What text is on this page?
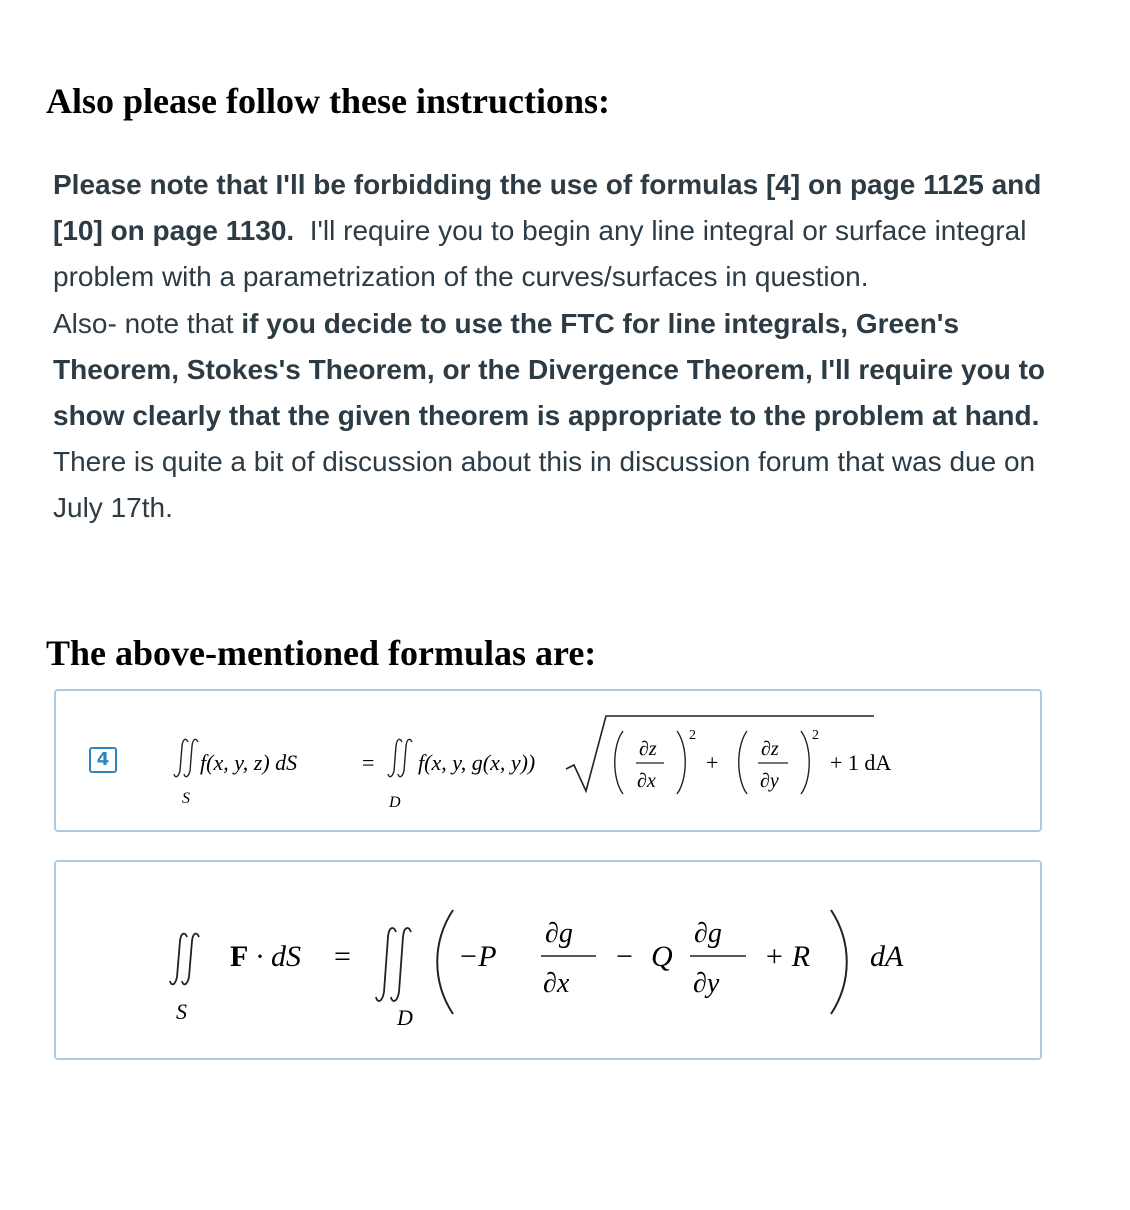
Also please follow these instructions:
Please note that I'll be forbidding the use of formulas [4] on page 1125 and [10] on page 1130. I'll require you to begin any line integral or surface integral problem with a parametrization of the curves/surfaces in question.
Also- note that if you decide to use the FTC for line integrals, Green's Theorem, Stokes's Theorem, or the Divergence Theorem, I'll require you to show clearly that the given theorem is appropriate to the problem at hand.  There is quite a bit of discussion about this in discussion forum that was due on July 17th.
The above-mentioned formulas are:
4
S
f(x, y, z) dS	=
D
f(x, y, g(x, y))
∂z
∂x
2
+
∂z
∂y
2
+ 1 dA
S
F · dS =
D
−P
∂g
∂x
− Q
∂g
∂y
+ R dA
